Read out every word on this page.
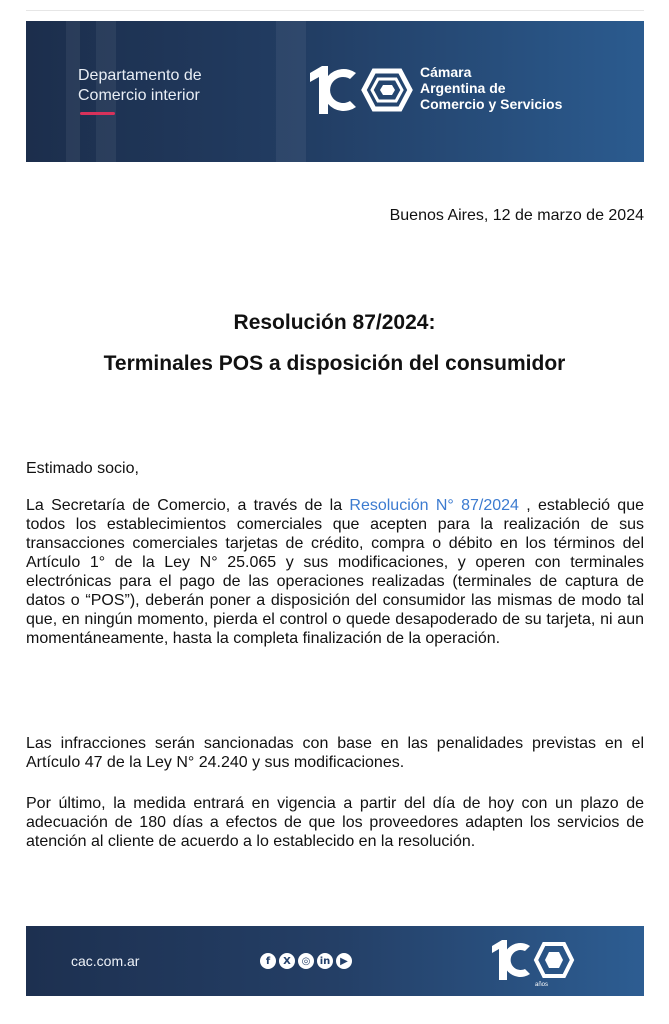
Departamento de
Comercio interior
Cámara
Argentina de
Comercio y Servicios
Buenos Aires, 12 de marzo de 2024
Resolución 87/2024:
Terminales POS a disposición del consumidor
Estimado socio,
La Secretaría de Comercio, a través de la Resolución N° 87/2024 , estableció que todos los establecimientos comerciales que acepten para la realización de sus transacciones comerciales tarjetas de crédito, compra o débito en los términos del Artículo 1° de la Ley N° 25.065 y sus modificaciones, y operen con terminales electrónicas para el pago de las operaciones realizadas (terminales de captura de datos o “POS”), deberán poner a disposición del consumidor las mismas de modo tal que, en ningún momento, pierda el control o quede desapoderado de su tarjeta, ni aun momentáneamente, hasta la completa finalización de la operación.
Las infracciones serán sancionadas con base en las penalidades previstas en el Artículo 47 de la Ley N° 24.240 y sus modificaciones.
Por último, la medida entrará en vigencia a partir del día de hoy con un plazo de adecuación de 180 días a efectos de que los proveedores adapten los servicios de atención al cliente de acuerdo a lo establecido en la resolución.
cac.com.ar	f	X	◎ in ▶
años
